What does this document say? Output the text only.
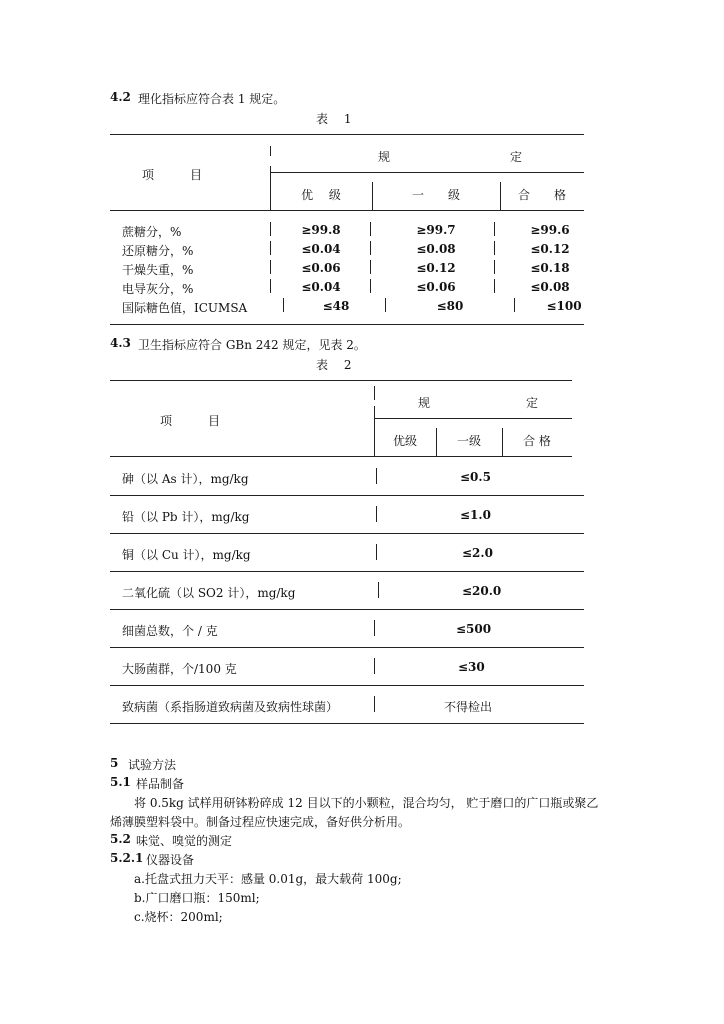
4.2 理化指标应符合表 1 规定。
表　 1
项　　　目
规　　　　　　　　　　定
优　 级	一　　级	合　　格
蔗糖分，%	≥99.8	≥99.7	≥99.6
还原糖分，%	≤0.04	≤0.08	≤0.12
干燥失重，%	≤0.06	≤0.12	≤0.18
电导灰分，%	≤0.04	≤0.06	≤0.08
国际糖色值，ICUMSA	≤48	≤80	≤100
4.3 卫生指标应符合 GBn 242 规定，见表 2。
表　 2
项　　　目
规　　　　　　　　定
优级	一级	合 格
砷（以 As 计），mg/kg	≤0.5
铅（以 Pb 计），mg/kg	≤1.0
铜（以 Cu 计），mg/kg	≤2.0
二氧化硫（以 SO2 计），mg/kg	≤20.0
细菌总数，个 / 克	≤500
大肠菌群，个/100 克	≤30
致病菌（系指肠道致病菌及致病性球菌）	不得检出
5 试验方法
5.1 样品制备
将 0.5kg 试样用研钵粉碎成 12 目以下的小颗粒，混合均匀， 贮于磨口的广口瓶或聚乙
烯薄膜塑料袋中。制备过程应快速完成，备好供分析用。
5.2 味觉、嗅觉的测定
5.2.1 仪器设备
a.托盘式扭力天平：感量 0.01g，最大载荷 100g;
b.广口磨口瓶：150ml;
c.烧杯：200ml;
